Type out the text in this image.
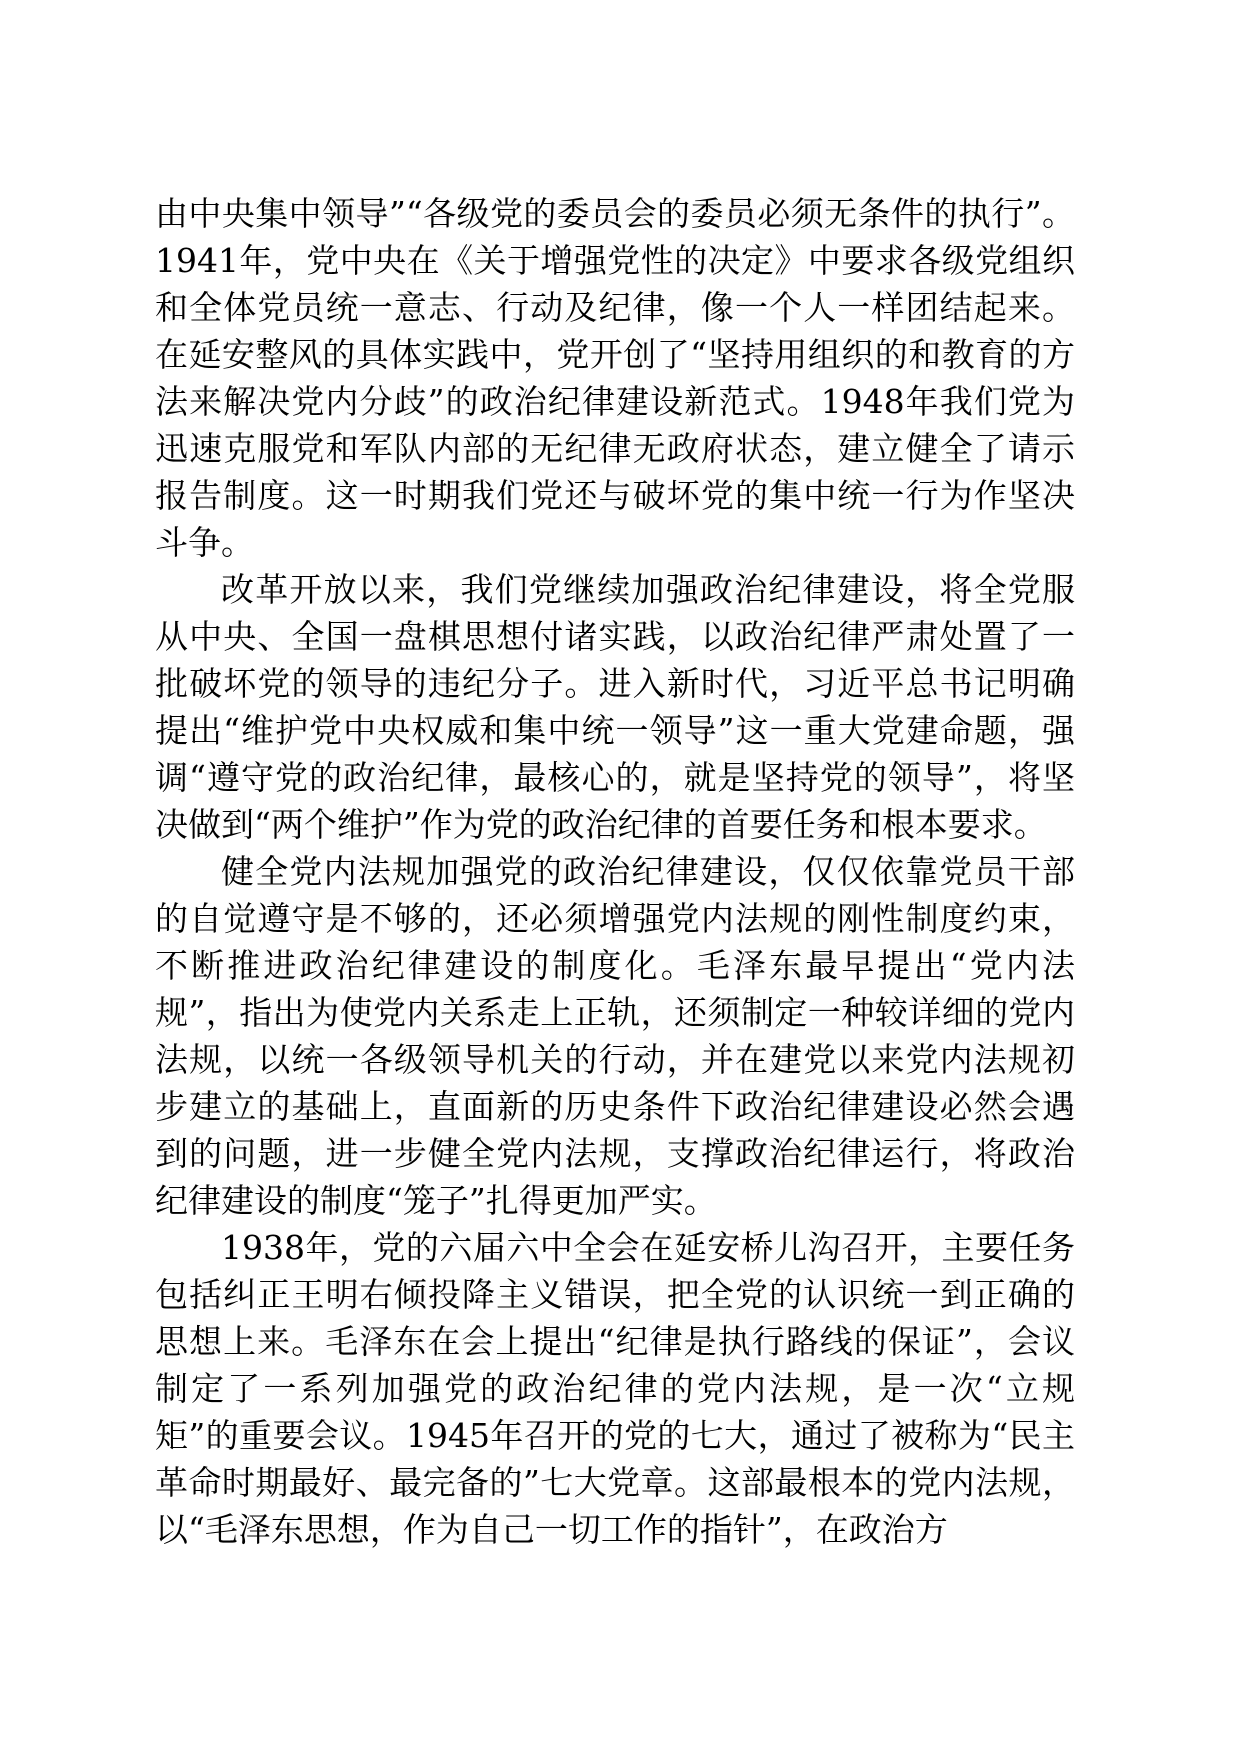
由中央集中领导”“各级党的委员会的委员必须无条件的执行”。1941年，党中央在《关于增强党性的决定》中要求各级党组织和全体党员统一意志、行动及纪律，像一个人一样团结起来。在延安整风的具体实践中，党开创了“坚持用组织的和教育的方法来解决党内分歧”的政治纪律建设新范式。1948年我们党为迅速克服党和军队内部的无纪律无政府状态，建立健全了请示报告制度。这一时期我们党还与破坏党的集中统一行为作坚决斗争。

改革开放以来，我们党继续加强政治纪律建设，将全党服从中央、全国一盘棋思想付诸实践，以政治纪律严肃处置了一批破坏党的领导的违纪分子。进入新时代，习近平总书记明确提出“维护党中央权威和集中统一领导”这一重大党建命题，强调“遵守党的政治纪律，最核心的，就是坚持党的领导”，将坚决做到“两个维护”作为党的政治纪律的首要任务和根本要求。

健全党内法规加强党的政治纪律建设，仅仅依靠党员干部的自觉遵守是不够的，还必须增强党内法规的刚性制度约束，不断推进政治纪律建设的制度化。毛泽东最早提出“党内法规”，指出为使党内关系走上正轨，还须制定一种较详细的党内法规，以统一各级领导机关的行动，并在建党以来党内法规初步建立的基础上，直面新的历史条件下政治纪律建设必然会遇到的问题，进一步健全党内法规，支撑政治纪律运行，将政治纪律建设的制度“笼子”扎得更加严实。

1938年，党的六届六中全会在延安桥儿沟召开，主要任务包括纠正王明右倾投降主义错误，把全党的认识统一到正确的思想上来。毛泽东在会上提出“纪律是执行路线的保证”，会议制定了一系列加强党的政治纪律的党内法规，是一次“立规矩”的重要会议。1945年召开的党的七大，通过了被称为“民主革命时期最好、最完备的”七大党章。这部最根本的党内法规，以“毛泽东思想，作为自己一切工作的指针”，在政治方
